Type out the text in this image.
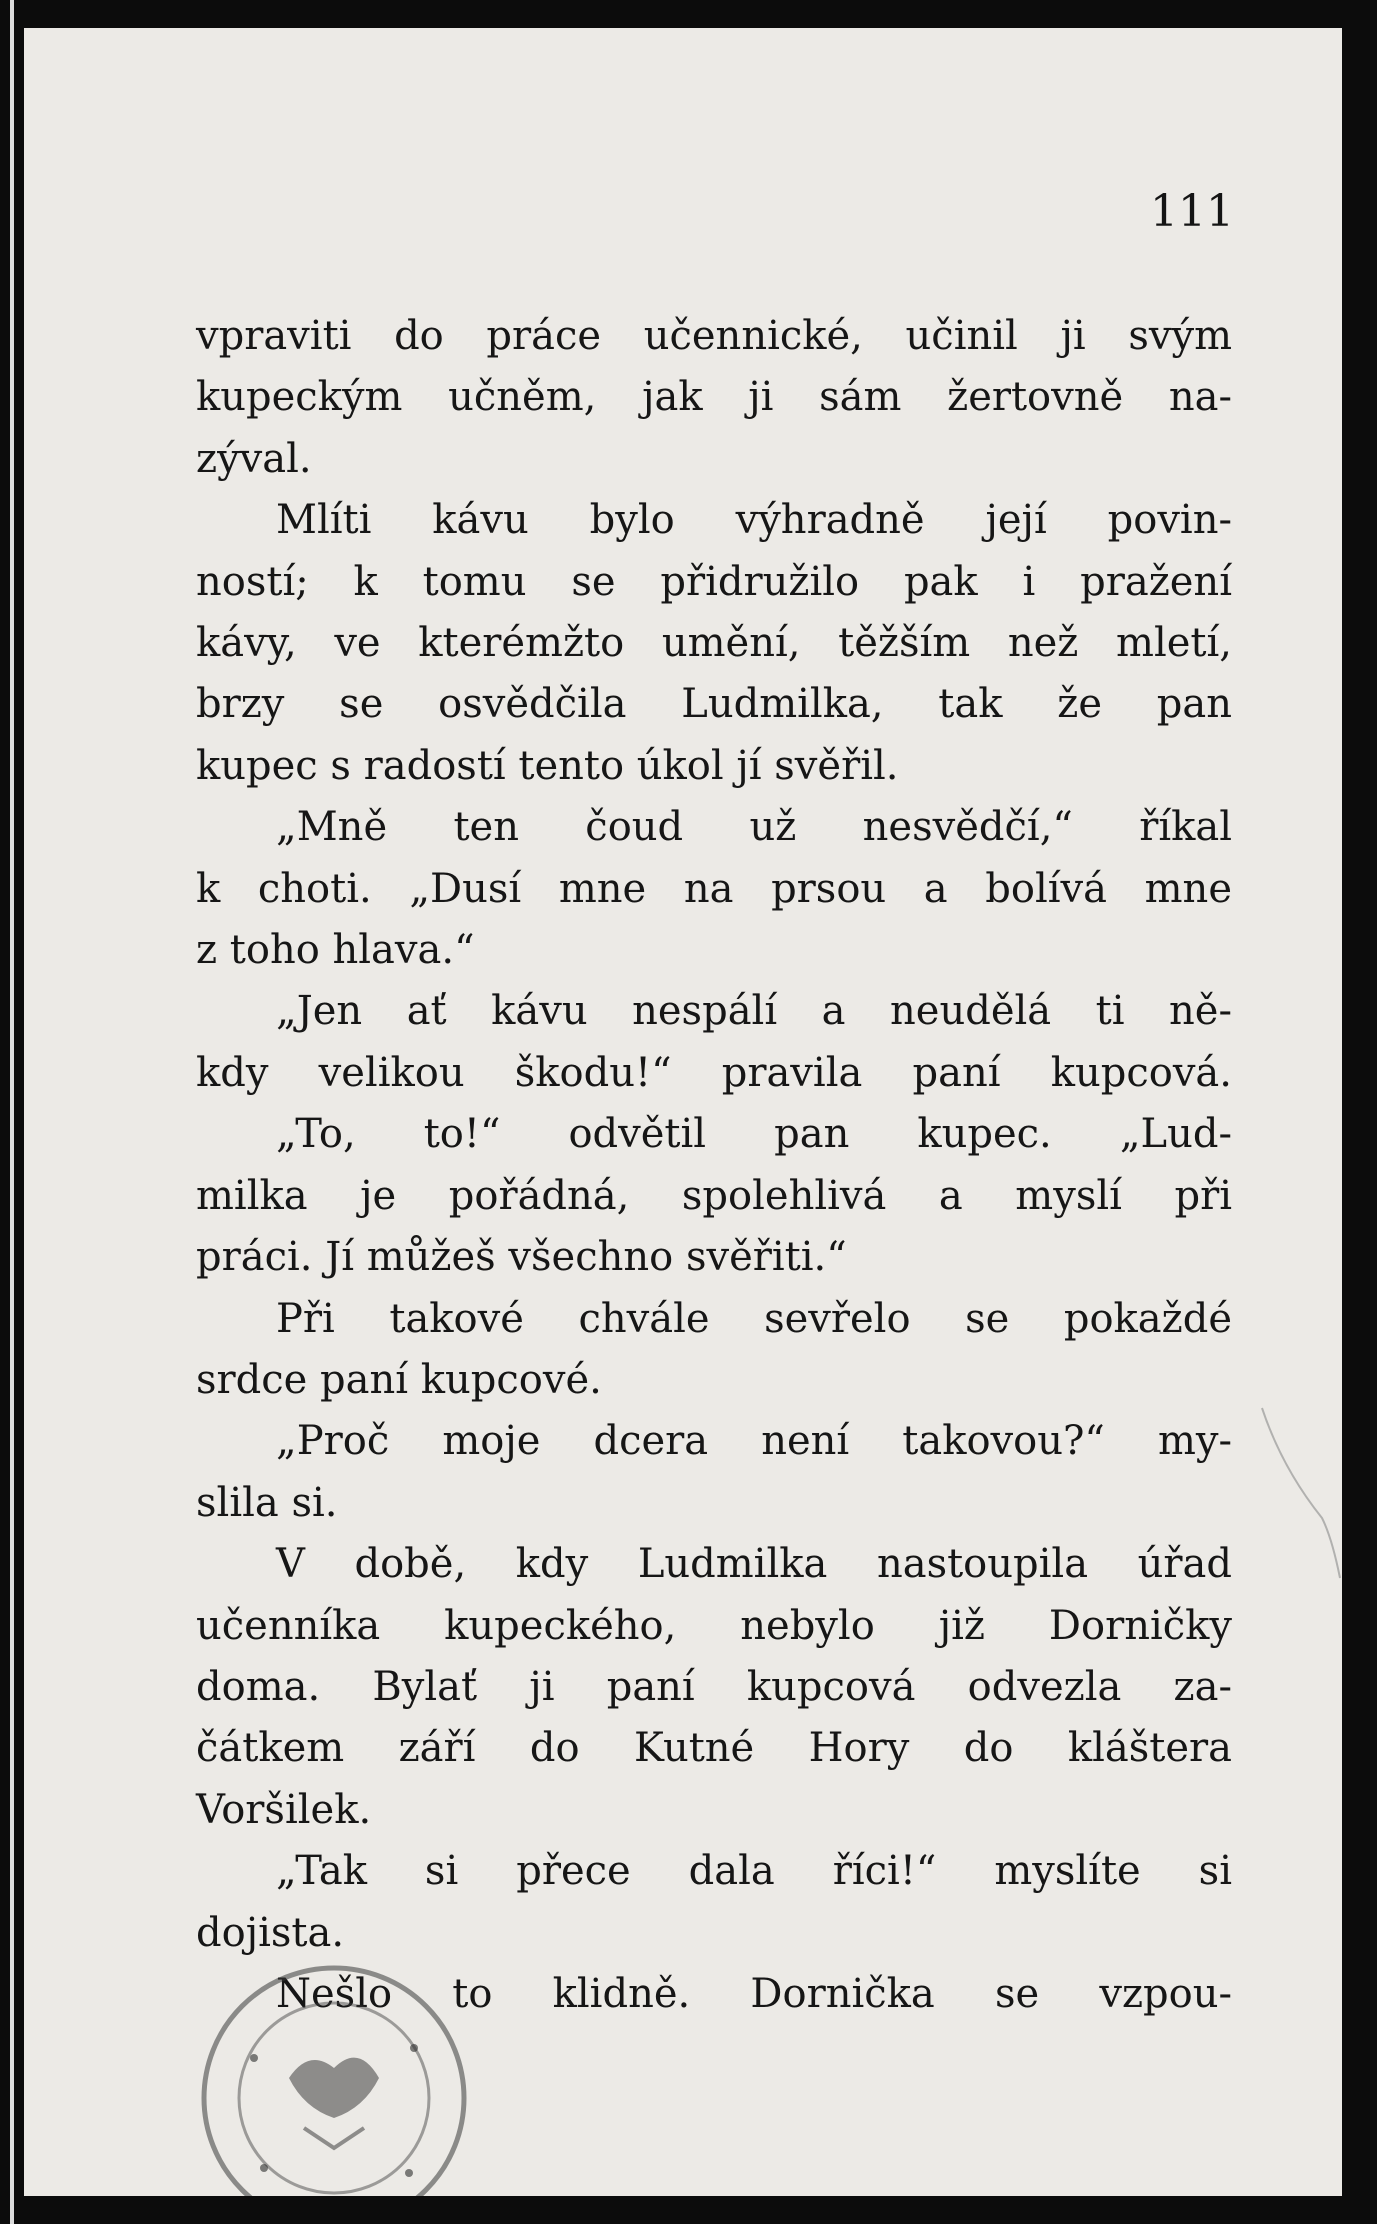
111
vpraviti do práce učennické, učinil ji svým
kupeckým učněm, jak ji sám žertovně na-
zýval.
Mlíti kávu bylo výhradně její povin-
ností; k tomu se přidružilo pak i pražení
kávy, ve kterémžto umění, těžším než mletí,
brzy se osvědčila Ludmilka, tak že pan
kupec s radostí tento úkol jí svěřil.
„Mně ten čoud už nesvědčí,“ říkal
k choti. „Dusí mne na prsou a bolívá mne
z toho hlava.“
„Jen ať kávu nespálí a neudělá ti ně-
kdy velikou škodu!“ pravila paní kupcová.
„To, to!“ odvětil pan kupec. „Lud-
milka je pořádná, spolehlivá a myslí při
práci. Jí můžeš všechno svěřiti.“
Při takové chvále sevřelo se pokaždé
srdce paní kupcové.
„Proč moje dcera není takovou?“ my-
slila si.
V době, kdy Ludmilka nastoupila úřad
učenníka kupeckého, nebylo již Dorničky
doma. Bylať ji paní kupcová odvezla za-
čátkem září do Kutné Hory do kláštera
Voršilek.
„Tak si přece dala říci!“ myslíte si
dojista.
Nešlo to klidně. Dornička se vzpou-
